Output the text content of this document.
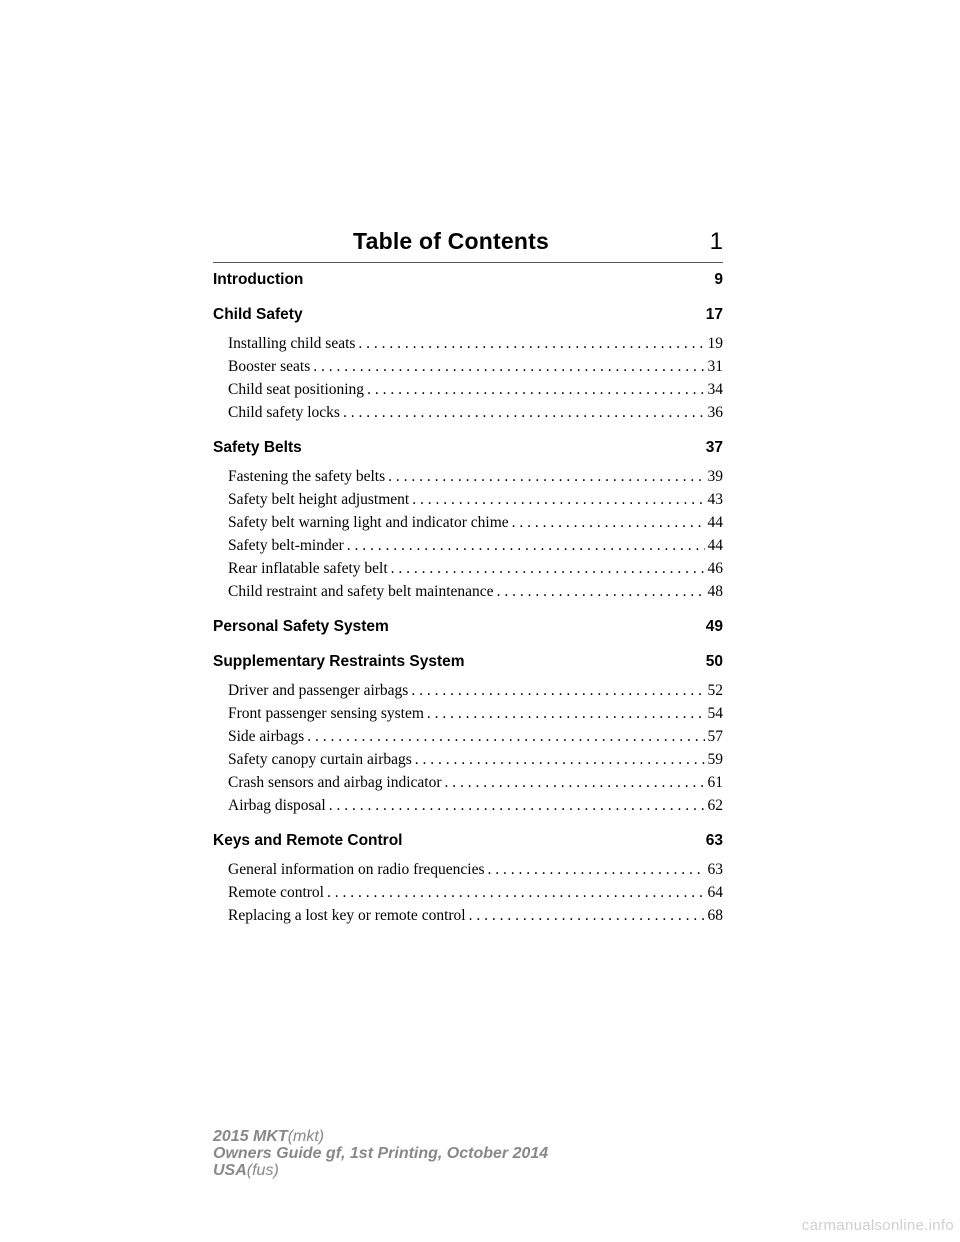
Table of Contents	1
Introduction	9
Child Safety	17
Installing child seats . . .	19
Booster seats . . .	31
Child seat positioning . . .	34
Child safety locks . . .	36
Safety Belts	37
Fastening the safety belts . . .	39
Safety belt height adjustment . . .	43
Safety belt warning light and indicator chime . . .	44
Safety belt-minder . . .	44
Rear inflatable safety belt . . .	46
Child restraint and safety belt maintenance . . .	48
Personal Safety System	49
Supplementary Restraints System	50
Driver and passenger airbags . . .	52
Front passenger sensing system . . .	54
Side airbags . . .	57
Safety canopy curtain airbags . . .	59
Crash sensors and airbag indicator . . .	61
Airbag disposal . . .	62
Keys and Remote Control	63
General information on radio frequencies . . .	63
Remote control . . .	64
Replacing a lost key or remote control . . .	68
2015 MKT(mkt)
Owners Guide gf, 1st Printing, October 2014
USA(fus)
carmanualsonline.info
